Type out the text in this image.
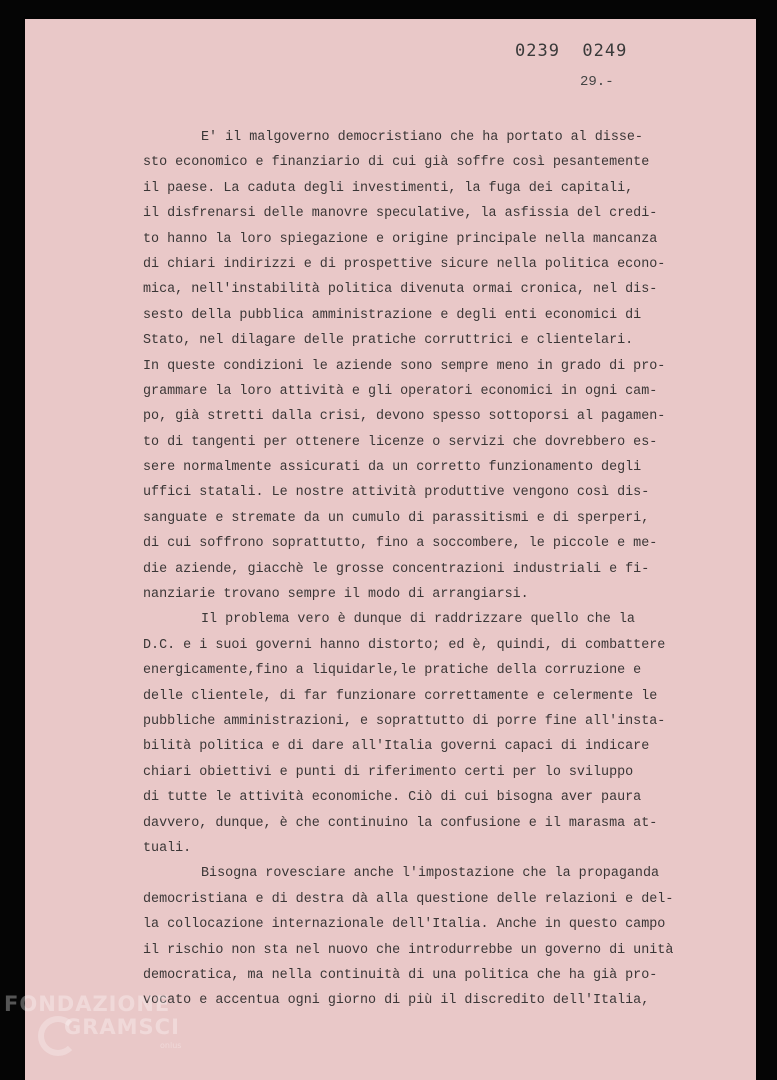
0239  0249
29.-
E' il malgoverno democristiano che ha portato al disse-
sto economico e finanziario di cui già soffre così pesantemente
il paese. La caduta degli investimenti, la fuga dei capitali,
il disfrenarsi delle manovre speculative, la asfissia del credi-
to hanno la loro spiegazione e origine principale nella mancanza
di chiari indirizzi e di prospettive sicure nella politica econo-
mica, nell'instabilità politica divenuta ormai cronica, nel dis-
sesto della pubblica amministrazione e degli enti economici di
Stato, nel dilagare delle pratiche corruttrici e clientelari.
In queste condizioni le aziende sono sempre meno in grado di pro-
grammare la loro attività e gli operatori economici in ogni cam-
po, già stretti dalla crisi, devono spesso sottoporsi al pagamen-
to di tangenti per ottenere licenze o servizi che dovrebbero es-
sere normalmente assicurati da un corretto funzionamento degli
uffici statali. Le nostre attività produttive vengono così dis-
sanguate e stremate da un cumulo di parassitismi e di sperperi,
di cui soffrono soprattutto, fino a soccombere, le piccole e me-
die aziende, giacchè le grosse concentrazioni industriali e fi-
nanziarie trovano sempre il modo di arrangiarsi.
Il problema vero è dunque di raddrizzare quello che la
D.C. e i suoi governi hanno distorto; ed è, quindi, di combattere
energicamente,fino a liquidarle,le pratiche della corruzione e
delle clientele, di far funzionare correttamente e celermente le
pubbliche amministrazioni, e soprattutto di porre fine all'insta-
bilità politica e di dare all'Italia governi capaci di indicare
chiari obiettivi e punti di riferimento certi per lo sviluppo
di tutte le attività economiche. Ciò di cui bisogna aver paura
davvero, dunque, è che continuino la confusione e il marasma at-
tuali.
Bisogna rovesciare anche l'impostazione che la propaganda
democristiana e di destra dà alla questione delle relazioni e del-
la collocazione internazionale dell'Italia. Anche in questo campo
il rischio non sta nel nuovo che introdurrebbe un governo di unità
democratica, ma nella continuità di una politica che ha già pro-
vocato e accentua ogni giorno di più il discredito dell'Italia,
FONDAZIONE
GRAMSCI
onlus
